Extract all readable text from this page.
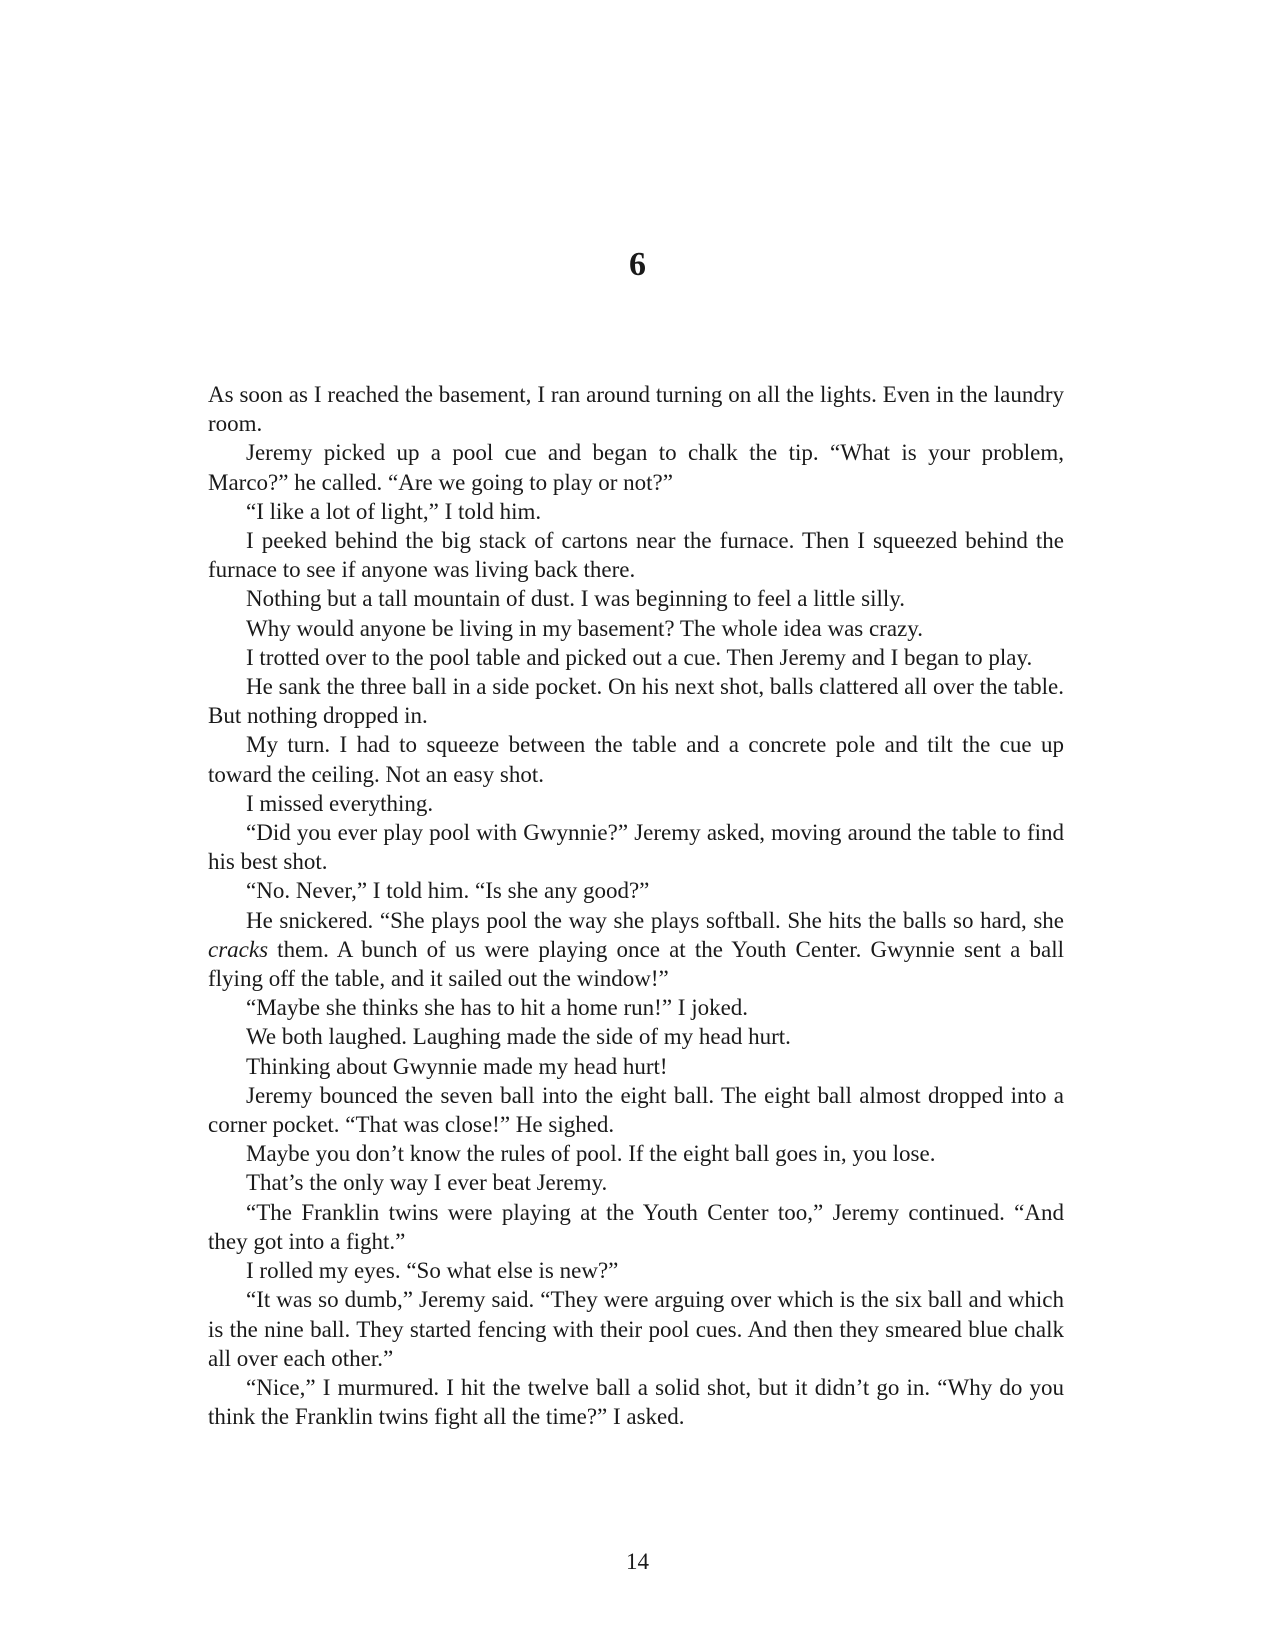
6

As soon as I reached the basement, I ran around turning on all the lights. Even in the laundry room.

Jeremy picked up a pool cue and began to chalk the tip. “What is your problem, Marco?” he called. “Are we going to play or not?”

“I like a lot of light,” I told him.

I peeked behind the big stack of cartons near the furnace. Then I squeezed behind the furnace to see if anyone was living back there.

Nothing but a tall mountain of dust. I was beginning to feel a little silly.

Why would anyone be living in my basement? The whole idea was crazy.

I trotted over to the pool table and picked out a cue. Then Jeremy and I began to play.

He sank the three ball in a side pocket. On his next shot, balls clattered all over the table. But nothing dropped in.

My turn. I had to squeeze between the table and a concrete pole and tilt the cue up toward the ceiling. Not an easy shot.

I missed everything.

“Did you ever play pool with Gwynnie?” Jeremy asked, moving around the table to find his best shot.

“No. Never,” I told him. “Is she any good?”

He snickered. “She plays pool the way she plays softball. She hits the balls so hard, she cracks them. A bunch of us were playing once at the Youth Center. Gwynnie sent a ball flying off the table, and it sailed out the window!”

“Maybe she thinks she has to hit a home run!” I joked.

We both laughed. Laughing made the side of my head hurt.

Thinking about Gwynnie made my head hurt!

Jeremy bounced the seven ball into the eight ball. The eight ball almost dropped into a corner pocket. “That was close!” He sighed.

Maybe you don’t know the rules of pool. If the eight ball goes in, you lose.

That’s the only way I ever beat Jeremy.

“The Franklin twins were playing at the Youth Center too,” Jeremy continued. “And they got into a fight.”

I rolled my eyes. “So what else is new?”

“It was so dumb,” Jeremy said. “They were arguing over which is the six ball and which is the nine ball. They started fencing with their pool cues. And then they smeared blue chalk all over each other.”

“Nice,” I murmured. I hit the twelve ball a solid shot, but it didn’t go in. “Why do you think the Franklin twins fight all the time?” I asked.

14
